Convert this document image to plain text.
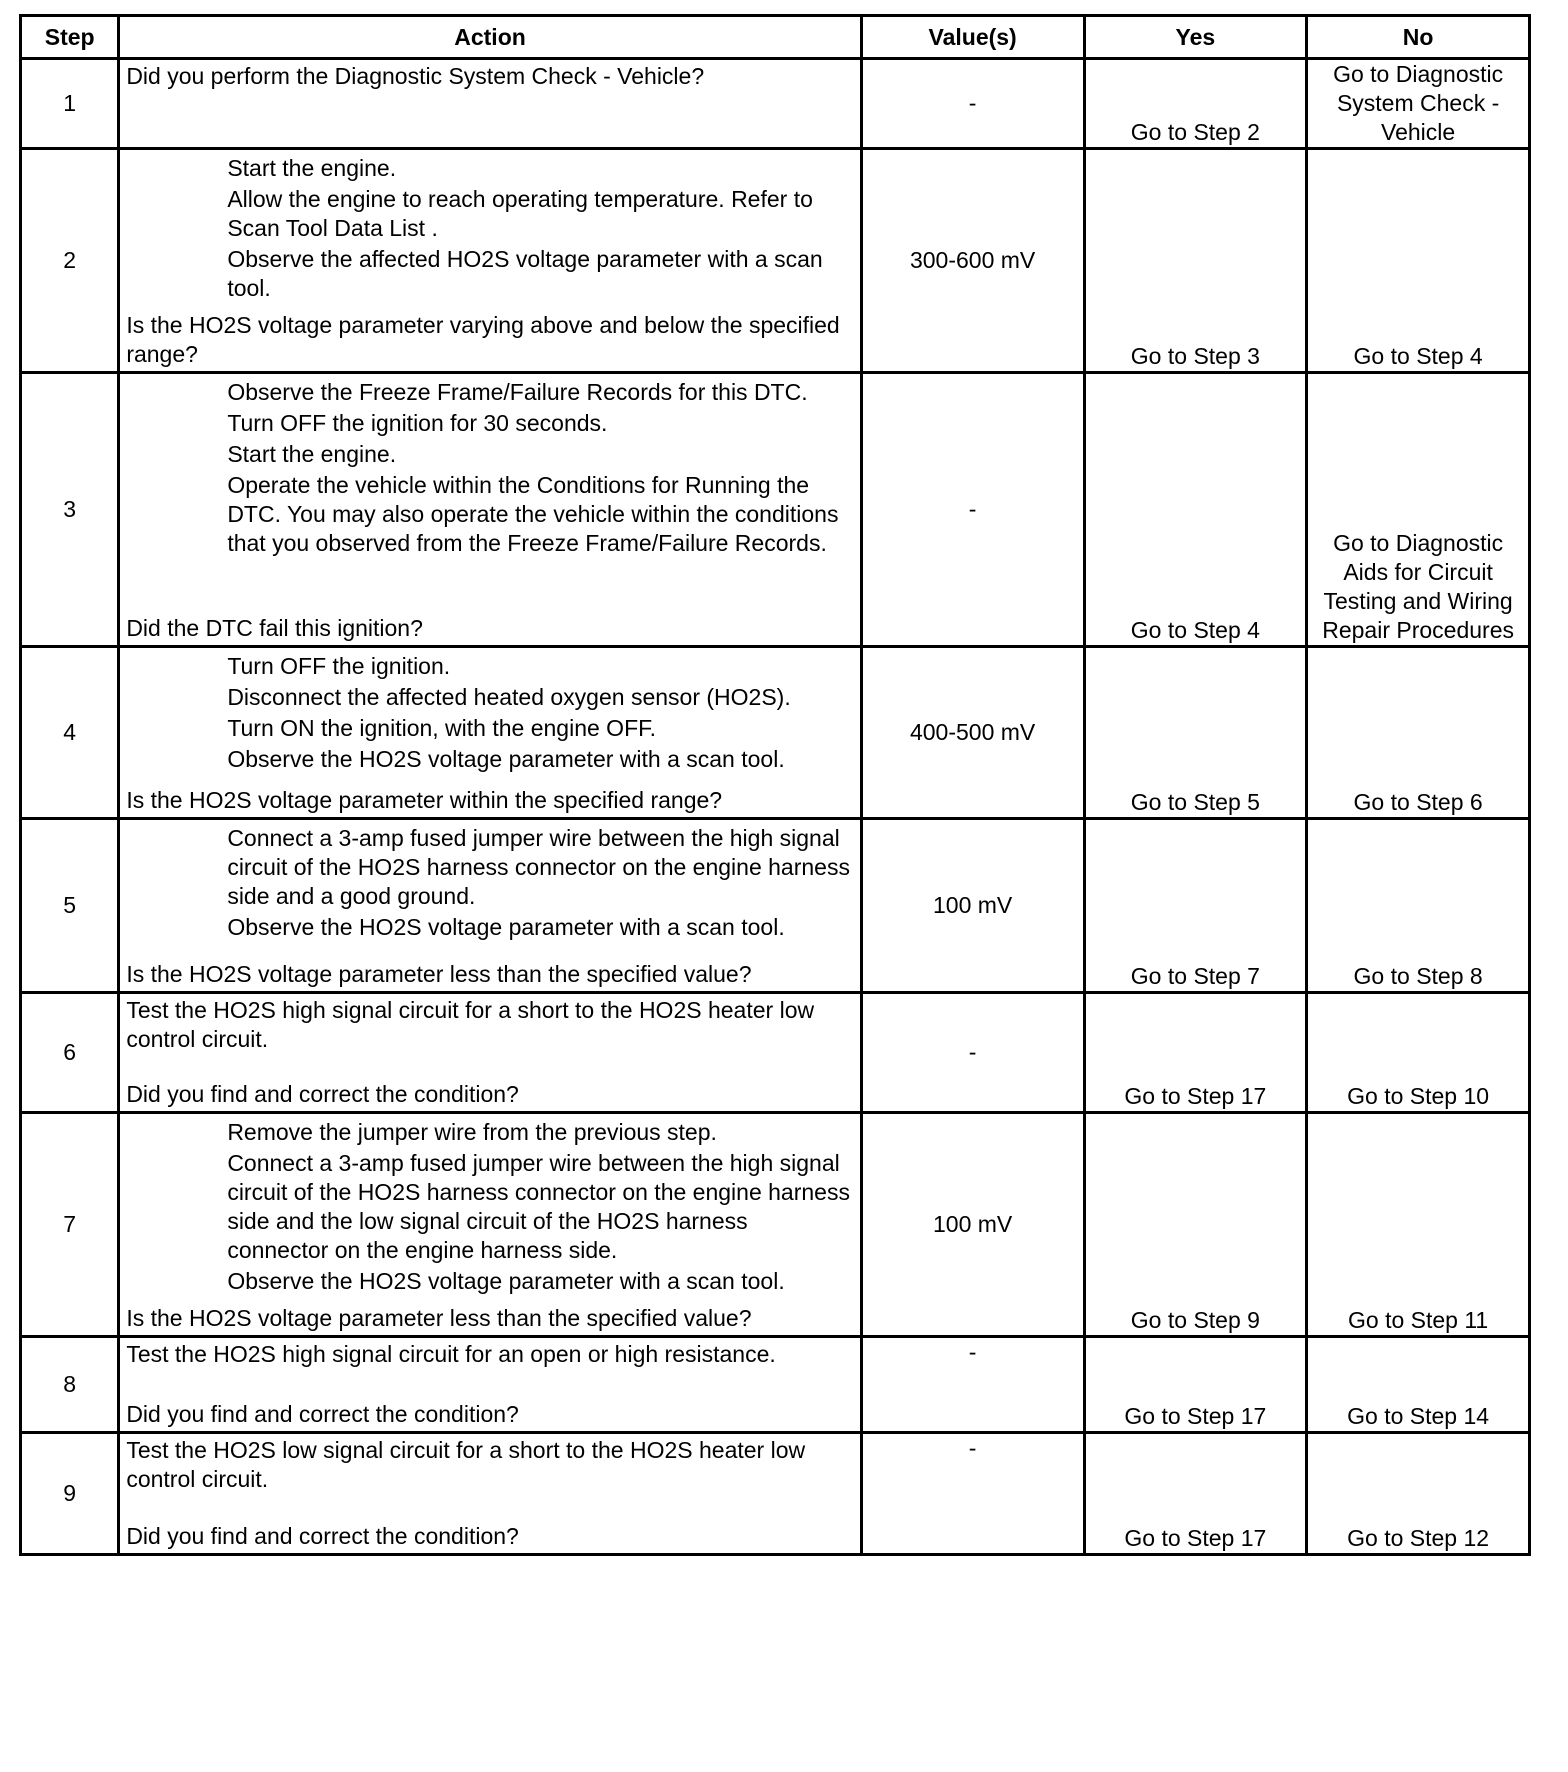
Step	Action	Value(s)	Yes	No
1	Did you perform the Diagnostic System Check - Vehicle?	-	Go to Step 2	Go to Diagnostic System Check - Vehicle
2	Start the engine.
Allow the engine to reach operating temperature. Refer to Scan Tool Data List .
Observe the affected HO2S voltage parameter with a scan tool.
Is the HO2S voltage parameter varying above and below the specified range?	300-600 mV	Go to Step 3	Go to Step 4
3	Observe the Freeze Frame/Failure Records for this DTC.
Turn OFF the ignition for 30 seconds.
Start the engine.
Operate the vehicle within the Conditions for Running the DTC. You may also operate the vehicle within the conditions that you observed from the Freeze Frame/Failure Records.
Did the DTC fail this ignition?	-	Go to Step 4	Go to Diagnostic Aids for Circuit Testing and Wiring Repair Procedures
4	Turn OFF the ignition.
Disconnect the affected heated oxygen sensor (HO2S).
Turn ON the ignition, with the engine OFF.
Observe the HO2S voltage parameter with a scan tool.
Is the HO2S voltage parameter within the specified range?	400-500 mV	Go to Step 5	Go to Step 6
5	Connect a 3-amp fused jumper wire between the high signal circuit of the HO2S harness connector on the engine harness side and a good ground.
Observe the HO2S voltage parameter with a scan tool.
Is the HO2S voltage parameter less than the specified value?	100 mV	Go to Step 7	Go to Step 8
6	Test the HO2S high signal circuit for a short to the HO2S heater low control circuit.
Did you find and correct the condition?	-	Go to Step 17	Go to Step 10
7	Remove the jumper wire from the previous step.
Connect a 3-amp fused jumper wire between the high signal circuit of the HO2S harness connector on the engine harness side and the low signal circuit of the HO2S harness connector on the engine harness side.
Observe the HO2S voltage parameter with a scan tool.
Is the HO2S voltage parameter less than the specified value?	100 mV	Go to Step 9	Go to Step 11
8	Test the HO2S high signal circuit for an open or high resistance.
Did you find and correct the condition?	-	Go to Step 17	Go to Step 14
9	Test the HO2S low signal circuit for a short to the HO2S heater low control circuit.
Did you find and correct the condition?	-	Go to Step 17	Go to Step 12
